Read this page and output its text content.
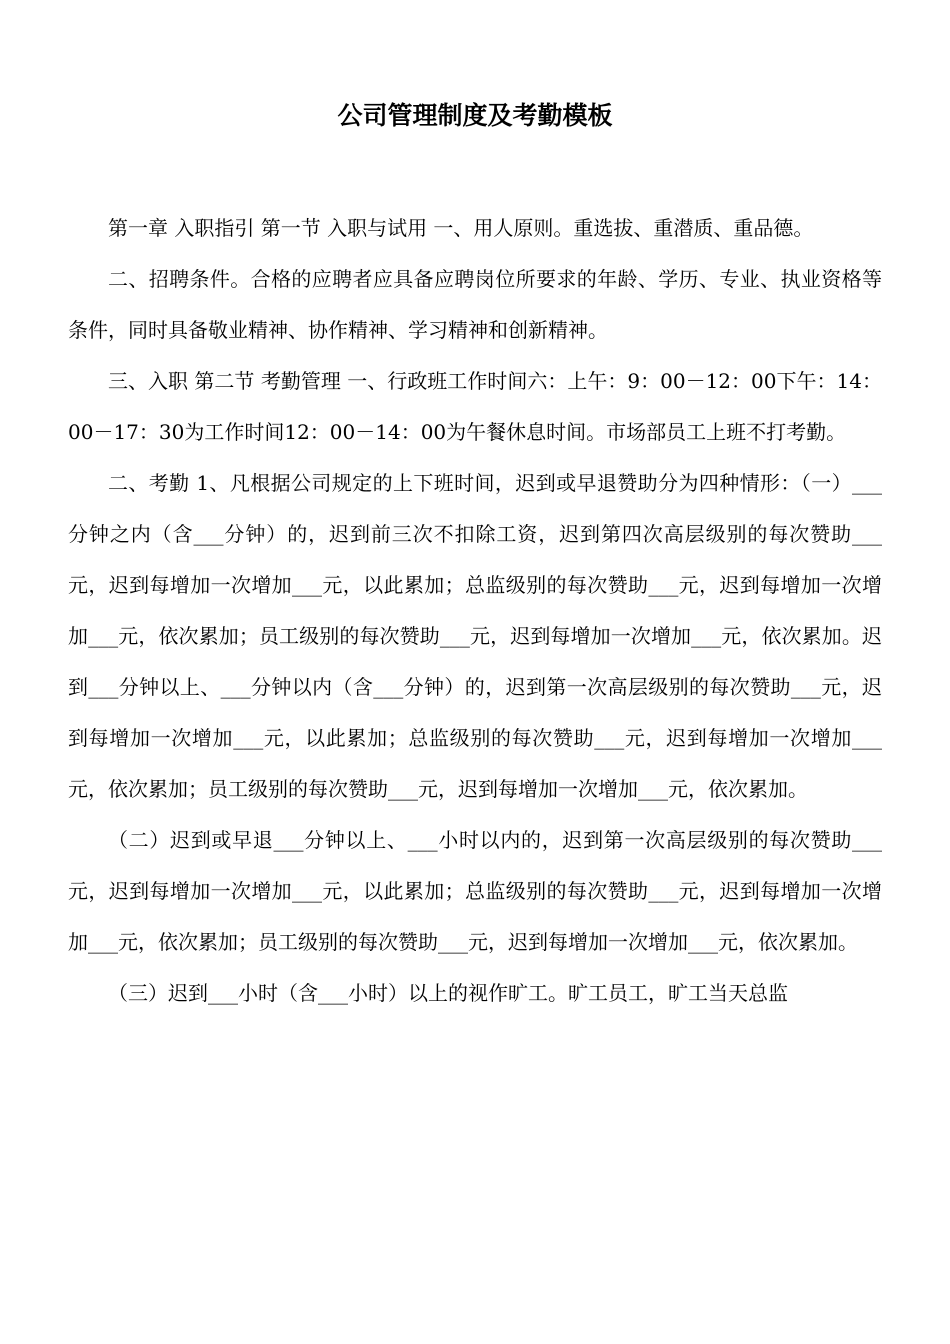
公司管理制度及考勤模板

第一章 入职指引 第一节 入职与试用 一、用人原则。重选拔、重潜质、重品德。

二、招聘条件。合格的应聘者应具备应聘岗位所要求的年龄、学历、专业、执业资格等条件，同时具备敬业精神、协作精神、学习精神和创新精神。

三、入职 第二节 考勤管理 一、行政班工作时间六：上午：9：00－12：00下午：14：00－17：30为工作时间12：00－14：00为午餐休息时间。市场部员工上班不打考勤。

二、考勤 1、凡根据公司规定的上下班时间，迟到或早退赞助分为四种情形：（一）___分钟之内（含___分钟）的，迟到前三次不扣除工资，迟到第四次高层级别的每次赞助___元，迟到每增加一次增加___元，以此累加；总监级别的每次赞助___元，迟到每增加一次增加___元，依次累加；员工级别的每次赞助___元，迟到每增加一次增加___元，依次累加。迟到___分钟以上、___分钟以内（含___分钟）的，迟到第一次高层级别的每次赞助___元，迟到每增加一次增加___元，以此累加；总监级别的每次赞助___元，迟到每增加一次增加___元，依次累加；员工级别的每次赞助___元，迟到每增加一次增加___元，依次累加。

（二）迟到或早退___分钟以上、___小时以内的，迟到第一次高层级别的每次赞助___元，迟到每增加一次增加___元，以此累加；总监级别的每次赞助___元，迟到每增加一次增加___元，依次累加；员工级别的每次赞助___元，迟到每增加一次增加___元，依次累加。

（三）迟到___小时（含___小时）以上的视作旷工。旷工员工，旷工当天总监
